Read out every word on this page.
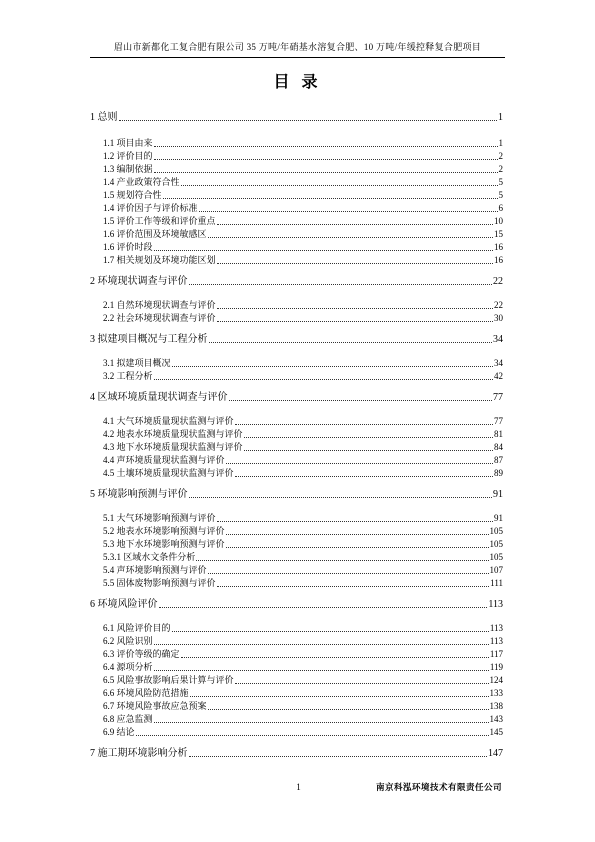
眉山市新都化工复合肥有限公司 35 万吨/年硝基水溶复合肥、10 万吨/年缓控释复合肥项目
目 录
1 总则	1
1.1 项目由来	1
1.2 评价目的	2
1.3 编制依据	2
1.4 产业政策符合性	5
1.5 规划符合性	5
1.4 评价因子与评价标准	6
1.5 评价工作等级和评价重点	10
1.6 评价范围及环境敏感区	15
1.6 评价时段	16
1.7 相关规划及环境功能区划	16
2 环境现状调查与评价	22
2.1 自然环境现状调查与评价	22
2.2 社会环境现状调查与评价	30
3 拟建项目概况与工程分析	34
3.1 拟建项目概况	34
3.2 工程分析	42
4 区域环境质量现状调查与评价	77
4.1 大气环境质量现状监测与评价	77
4.2 地表水环境质量现状监测与评价	81
4.3 地下水环境质量现状监测与评价	84
4.4 声环境质量现状监测与评价	87
4.5 土壤环境质量现状监测与评价	89
5 环境影响预测与评价	91
5.1 大气环境影响预测与评价	91
5.2 地表水环境影响预测与评价	105
5.3 地下水环境影响预测与评价	105
5.3.1 区域水文条件分析	105
5.4 声环境影响预测与评价	107
5.5 固体废物影响预测与评价	111
6 环境风险评价	113
6.1 风险评价目的	113
6.2 风险识别	113
6.3 评价等级的确定	117
6.4 源项分析	119
6.5 风险事故影响后果计算与评价	124
6.6 环境风险防范措施	133
6.7 环境风险事故应急预案	138
6.8 应急监测	143
6.9 结论	145
7 施工期环境影响分析	147
1	南京科泓环境技术有限责任公司
